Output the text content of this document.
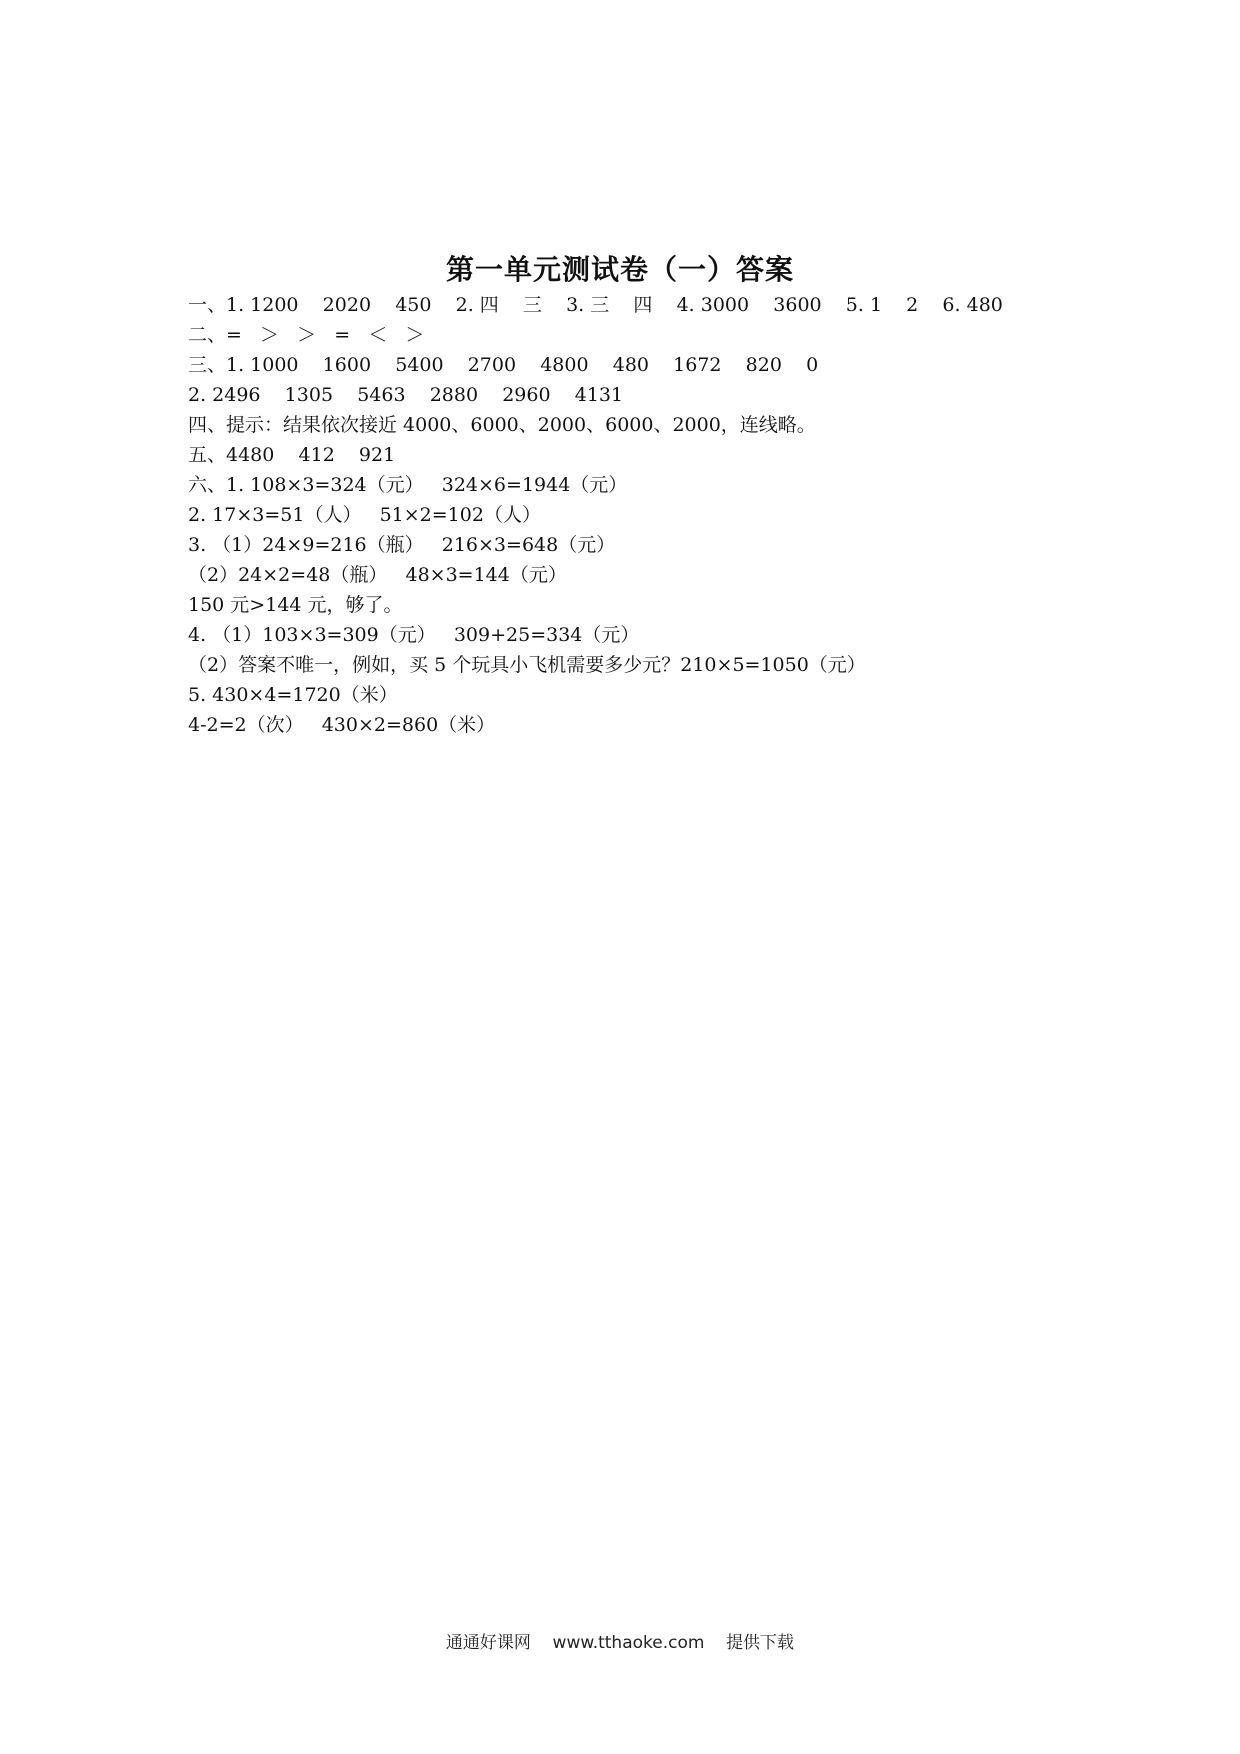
第一单元测试卷（一）答案
一、1. 1200    2020    450    2. 四    三    3. 三    四    4. 3000    3600    5. 1    2    6. 480
二、=   ＞   ＞   =   ＜   ＞
三、1. 1000    1600    5400    2700    4800    480    1672    820    0
2. 2496    1305    5463    2880    2960    4131
四、提示：结果依次接近 4000、6000、2000、6000、2000，连线略。
五、4480    412    921
六、1. 108×3=324（元）   324×6=1944（元）
2. 17×3=51（人）   51×2=102（人）
3. （1）24×9=216（瓶）   216×3=648（元）
（2）24×2=48（瓶）   48×3=144（元）
150 元>144 元，够了。
4. （1）103×3=309（元）   309+25=334（元）
（2）答案不唯一，例如，买 5 个玩具小飞机需要多少元？210×5=1050（元）
5. 430×4=1720（米）
4-2=2（次）   430×2=860（米）
通通好课网 www.tthaoke.com 提供下载
